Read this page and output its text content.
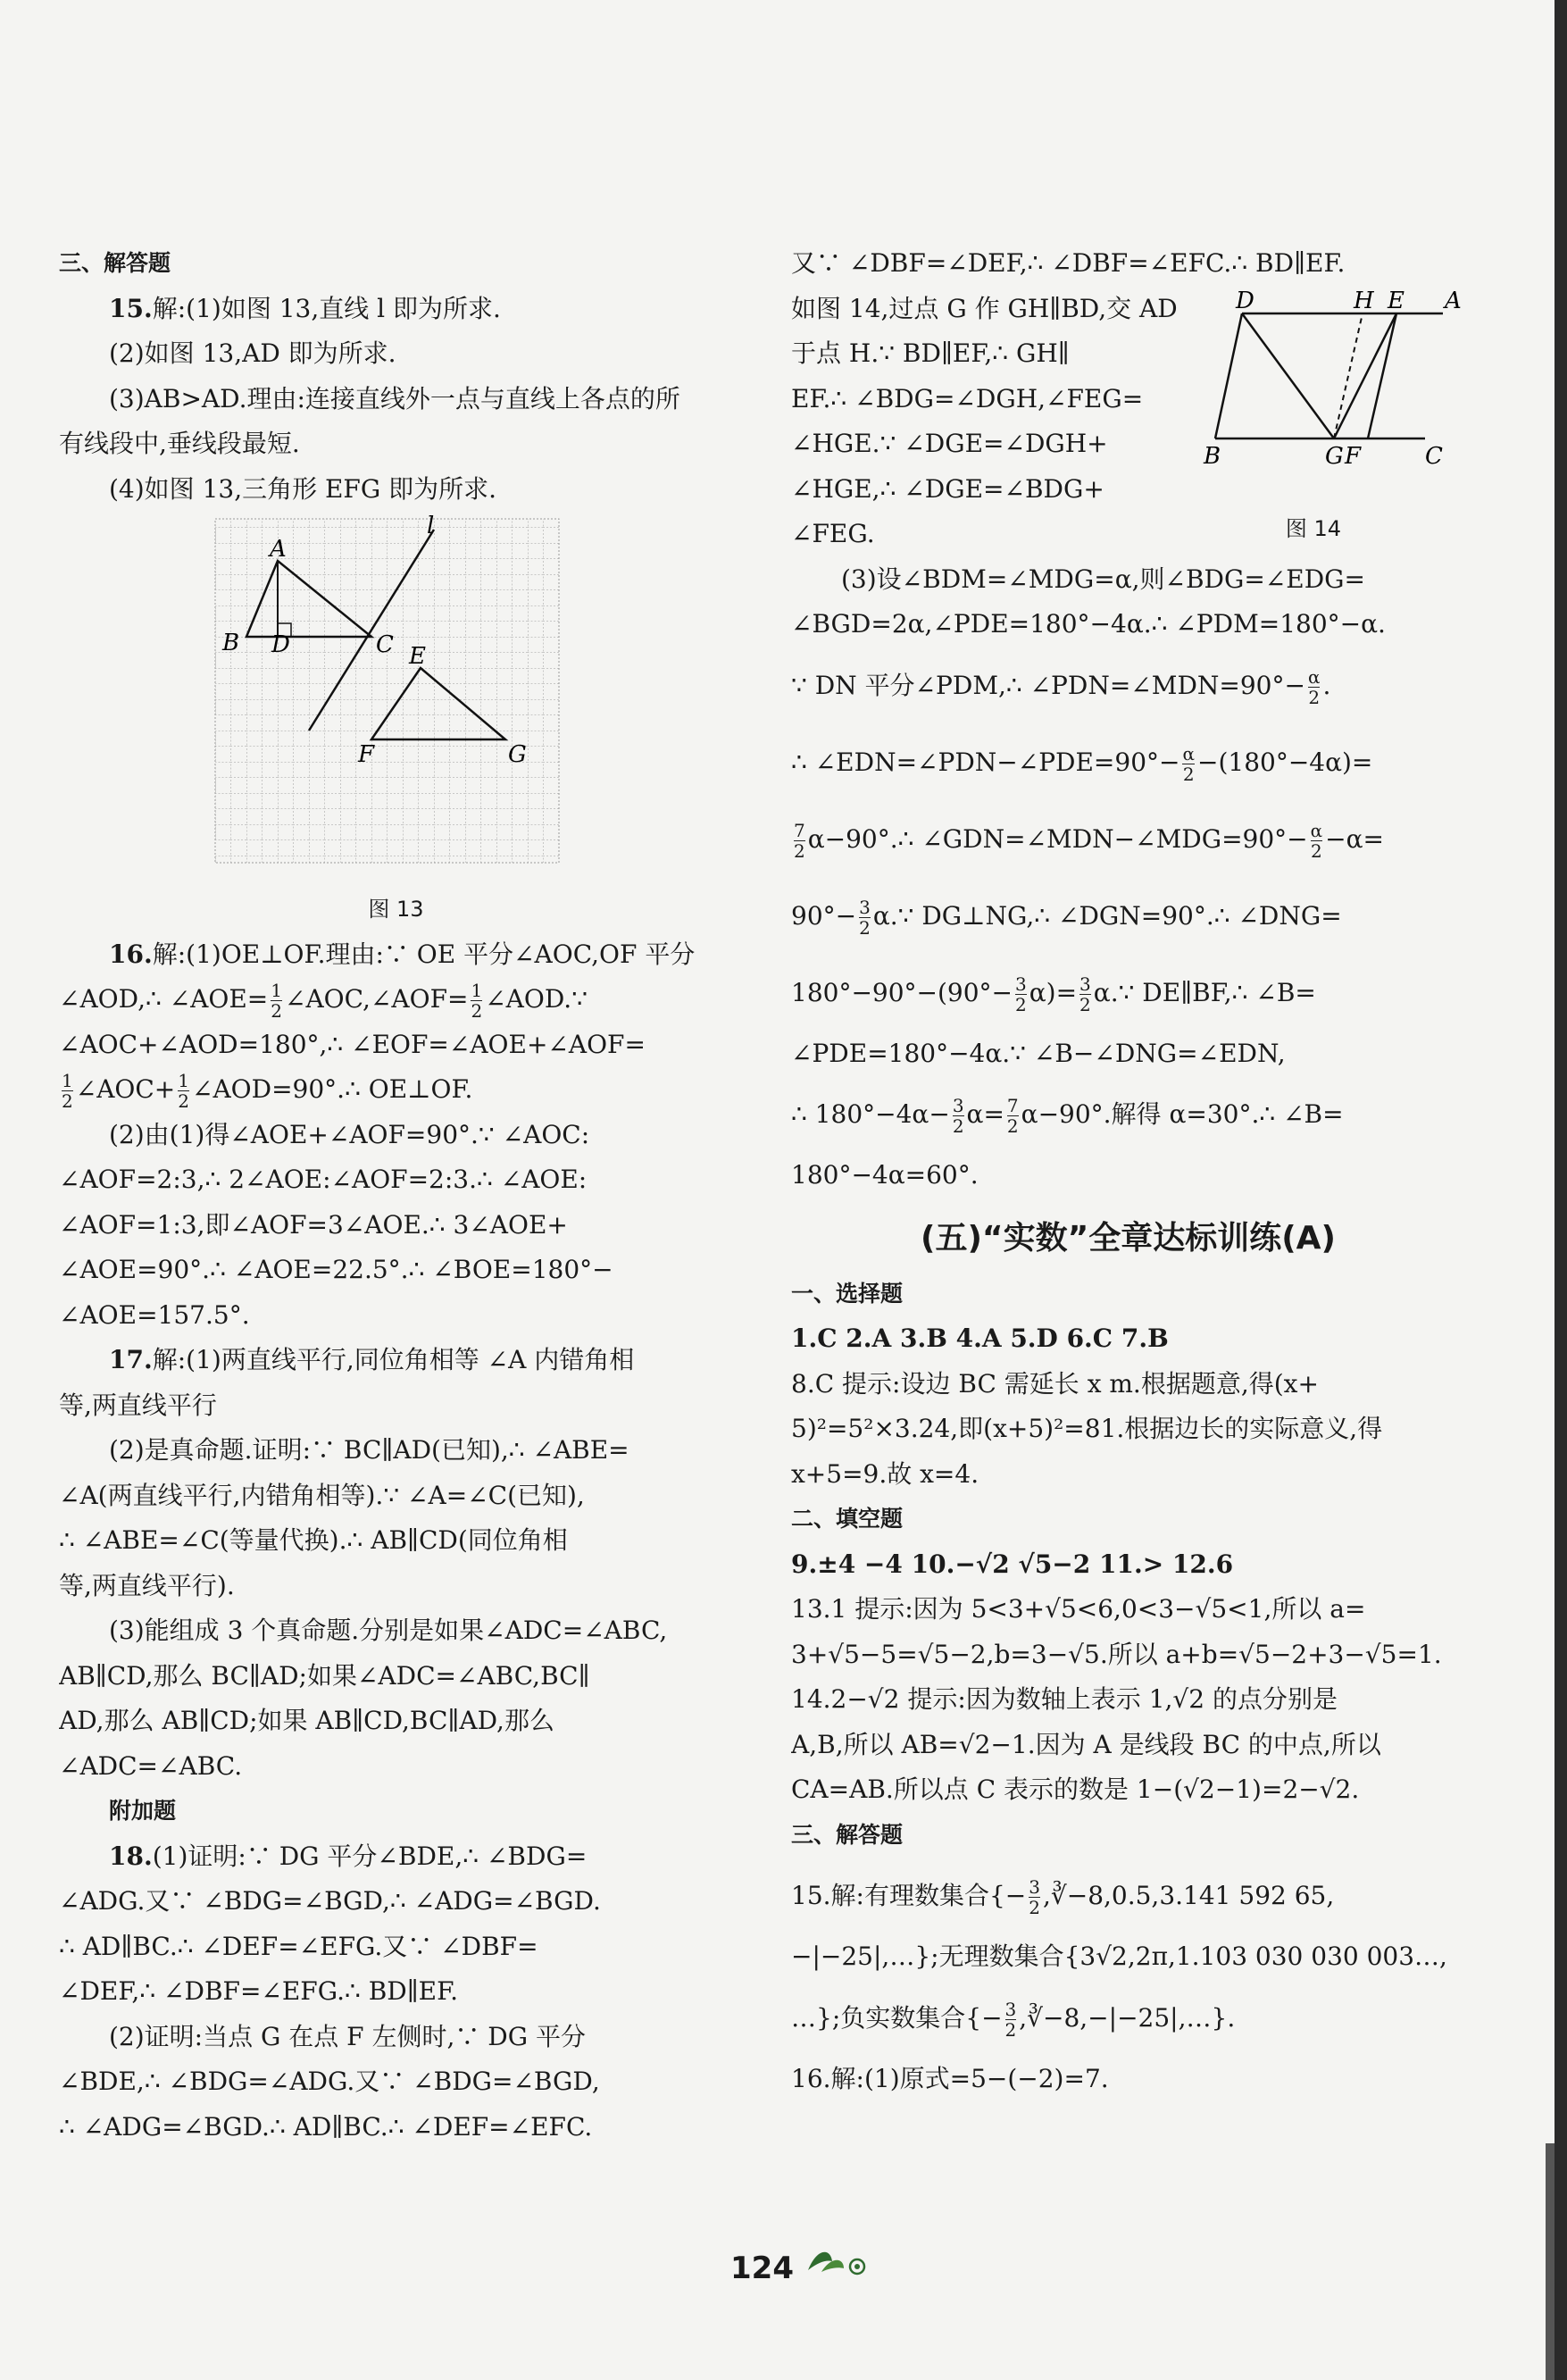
三、解答题
15.解:(1)如图 13,直线 l 即为所求.
(2)如图 13,AD 即为所求.
(3)AB>AD.理由:连接直线外一点与直线上各点的所
有线段中,垂线段最短.
(4)如图 13,三角形 EFG 即为所求.
A
B D	C E
F	G
l
图 13
16.解:(1)OE⊥OF.理由:∵ OE 平分∠AOC,OF 平分
∠AOD,∴ ∠AOE= $\frac{1}{2}$ ∠AOC,∠AOF= $\frac{1}{2}$ ∠AOD.∵
∠AOC+∠AOD=180°,∴ ∠EOF=∠AOE+∠AOF=
$\frac{1}{2}$ ∠AOC+ $\frac{1}{2}$ ∠AOD=90°.∴ OE⊥OF.
(2)由(1)得∠AOE+∠AOF=90°.∵ ∠AOC:
∠AOF=2:3,∴ 2∠AOE:∠AOF=2:3.∴ ∠AOE:
∠AOF=1:3,即∠AOF=3∠AOE.∴ 3∠AOE+
∠AOE=90°.∴ ∠AOE=22.5°.∴ ∠BOE=180°−
∠AOE=157.5°.
17.解:(1)两直线平行,同位角相等 ∠A 内错角相
等,两直线平行
(2)是真命题.证明:∵ BC∥AD(已知),∴ ∠ABE=
∠A(两直线平行,内错角相等).∵ ∠A=∠C(已知),
∴ ∠ABE=∠C(等量代换).∴ AB∥CD(同位角相
等,两直线平行).
(3)能组成 3 个真命题.分别是如果∠ADC=∠ABC,
AB∥CD,那么 BC∥AD;如果∠ADC=∠ABC,BC∥
AD,那么 AB∥CD;如果 AB∥CD,BC∥AD,那么
∠ADC=∠ABC.
附加题
18.(1)证明:∵ DG 平分∠BDE,∴ ∠BDG=
∠ADG.又∵ ∠BDG=∠BGD,∴ ∠ADG=∠BGD.
∴ AD∥BC.∴ ∠DEF=∠EFG.又∵ ∠DBF=
∠DEF,∴ ∠DBF=∠EFG.∴ BD∥EF.
(2)证明:当点 G 在点 F 左侧时,∵ DG 平分
∠BDE,∴ ∠BDG=∠ADG.又∵ ∠BDG=∠BGD,
∴ ∠ADG=∠BGD.∴ AD∥BC.∴ ∠DEF=∠EFC.
又∵ ∠DBF=∠DEF,∴ ∠DBF=∠EFC.∴ BD∥EF.
如图 14,过点 G 作 GH∥BD,交 AD
于点 H.∵ BD∥EF,∴ GH∥
EF.∴ ∠BDG=∠DGH,∠FEG=
∠HGE.∵ ∠DGE=∠DGH+
∠HGE,∴ ∠DGE=∠BDG+
∠FEG.
D	H E A
B	G F	C
图 14
(3)设∠BDM=∠MDG=α,则∠BDG=∠EDG=
∠BGD=2α,∠PDE=180°−4α.∴ ∠PDM=180°−α.
∵ DN 平分∠PDM,∴ ∠PDN=∠MDN=90°− $\frac{\alpha}{2}$ .
∴ ∠EDN=∠PDN−∠PDE=90°− $\frac{\alpha}{2} -(180^\circ-4\alpha)=$
$\frac{7}{2}$ α−90°.∴ ∠GDN=∠MDN−∠MDG=90°− $\frac{\alpha}{2} -\alpha=$
$90^\circ- \frac{3}{2}$ α.∵ DG⊥NG,∴ ∠DGN=90°.∴ ∠DNG=
$180^\circ-90^\circ-(90^\circ- \frac{3}{2} \alpha)= \frac{3}{2}$ α.∵ DE∥BF,∴ ∠B=
∠PDE=180°−4α.∵ ∠B−∠DNG=∠EDN,
∴ $180^\circ-4\alpha- \frac{3}{2} \alpha= \frac{7}{2} \alpha-90^\circ$.解得 α=30°.∴ ∠B=
180°−4α=60°.
(五)“实数”全章达标训练(A)
一、选择题
1.C 2.A 3.B 4.A 5.D 6.C 7.B
8.C 提示:设边 BC 需延长 x m.根据题意,得(x+
5)²=5²×3.24,即(x+5)²=81.根据边长的实际意义,得
x+5=9.故 x=4.
二、填空题
9.±4 −4 10.−√2 √5−2 11.> 12.6
13.1 提示:因为 5<3+√5<6,0<3−√5<1,所以 a=
3+√5−5=√5−2,b=3−√5.所以 a+b=√5−2+3−√5=1.
14.2−√2 提示:因为数轴上表示 1,√2 的点分别是
A,B,所以 AB=√2−1.因为 A 是线段 BC 的中点,所以
CA=AB.所以点 C 表示的数是 1−(√2−1)=2−√2.
三、解答题
15.解:有理数集合{− $\frac{3}{2}$ ,∛−8,0.5,3.141 592 65,
−|−25|,…};无理数集合{3√2,2π,1.103 030 030 003…,
…};负实数集合{− $\frac{3}{2}$ ,∛−8,−|−25|,…}.
16.解:(1)原式=5−(−2)=7.
124
